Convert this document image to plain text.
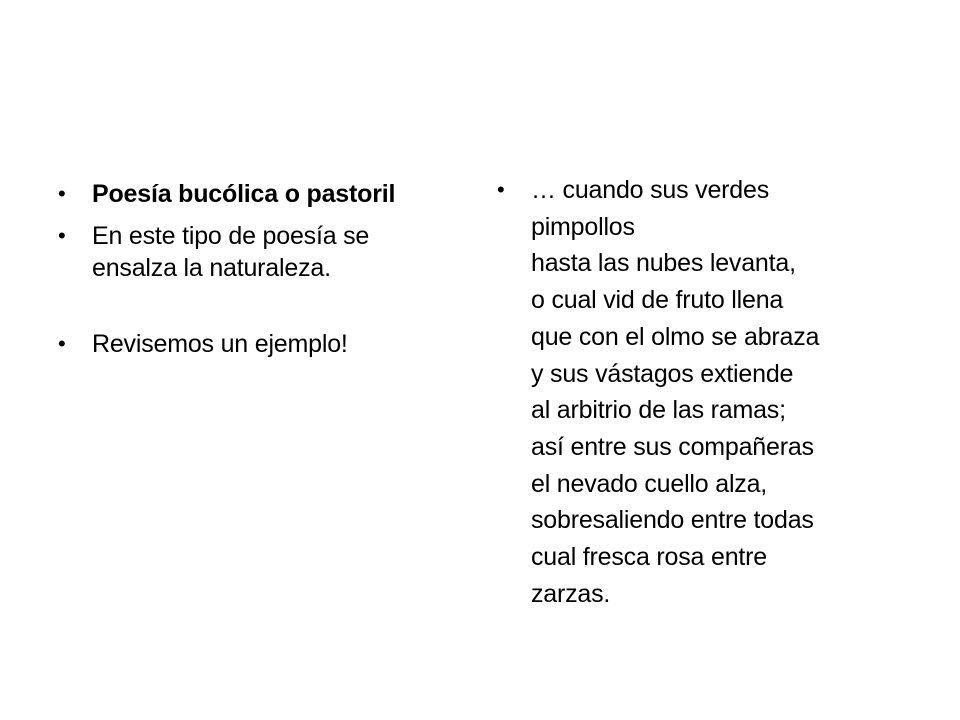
• Poesía bucólica o pastoril
• En este tipo de poesía se
ensalza la naturaleza.
• Revisemos un ejemplo!
• … cuando sus verdes
pimpollos
hasta las nubes levanta,
o cual vid de fruto llena
que con el olmo se abraza
y sus vástagos extiende
al arbitrio de las ramas;
así entre sus compañeras
el nevado cuello alza,
sobresaliendo entre todas
cual fresca rosa entre
zarzas.
